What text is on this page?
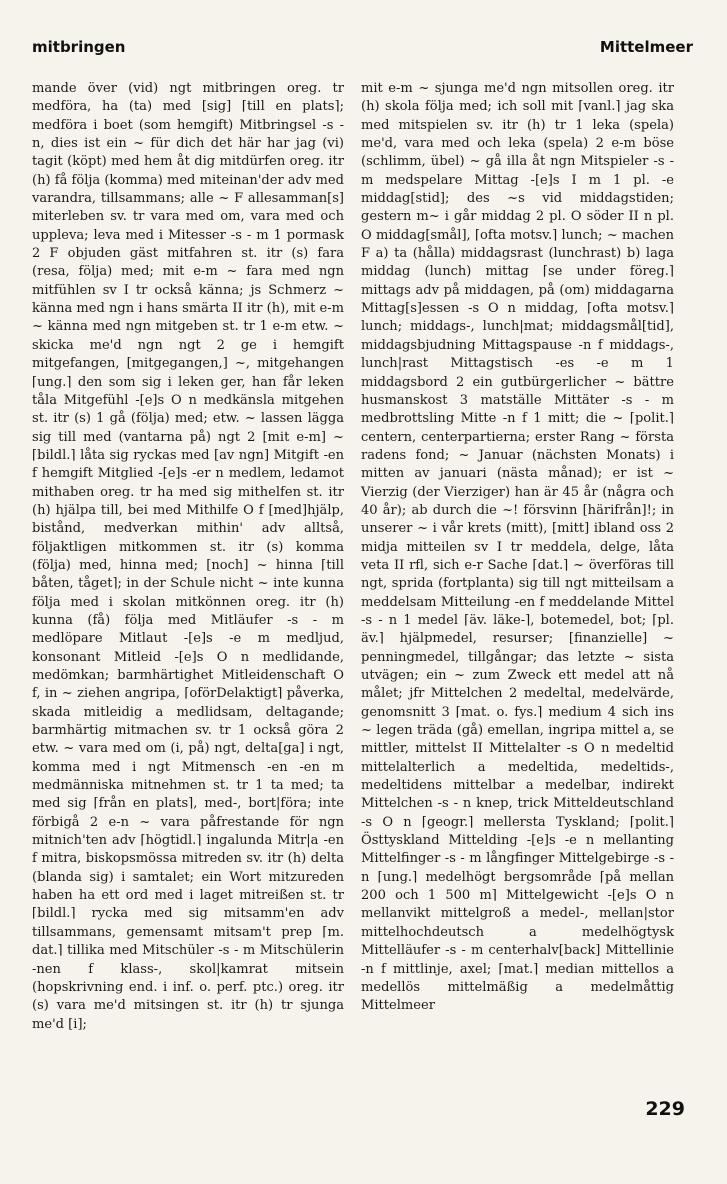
mitbringen	Mittelmeer

mande över (vid) ngt mitbringen oreg. tr medföra, ha (ta) med [sig] ⌈till en plats⌉; medföra i boet (som hemgift) Mitbringsel -s - n, dies ist ein ~ für dich det här har jag (vi) tagit (köpt) med hem åt dig mitdürfen oreg. itr (h) få följa (komma) med miteinan'der adv med varandra, tillsammans; alle ~ F allesamman[s] miterleben sv. tr vara med om, vara med och uppleva; leva med i Mitesser -s - m 1 pormask 2 F objuden gäst mitfahren st. itr (s) fara (resa, följa) med; mit e-m ~ fara med ngn mitfühlen sv I tr också känna; js Schmerz ~ känna med ngn i hans smärta II itr (h), mit e-m ~ känna med ngn mitgeben st. tr 1 e-m etw. ~ skicka me'd ngn ngt 2 ge i hemgift mitgefangen, [mitgegangen,] ~, mitgehangen ⌈ung.⌉ den som sig i leken ger, han får leken tåla Mitgefühl -[e]s O n medkänsla mitgehen st. itr (s) 1 gå (följa) med; etw. ~ lassen lägga sig till med (vantarna på) ngt 2 [mit e-m] ~ ⌈bildl.⌉ låta sig ryckas med [av ngn] Mitgift -en f hemgift Mitglied -[e]s -er n medlem, ledamot mithaben oreg. tr ha med sig mithelfen st. itr (h) hjälpa till, bei med Mithilfe O f [med]hjälp, bistånd, medverkan mithin' adv alltså, följaktligen mitkommen st. itr (s) komma (följa) med, hinna med; [noch] ~ hinna ⌈till båten, tåget⌉; in der Schule nicht ~ inte kunna följa med i skolan mitkönnen oreg. itr (h) kunna (få) följa med Mitläufer -s - m medlöpare Mitlaut -[e]s -e m medljud, konsonant Mitleid -[e]s O n medlidande, medömkan; barmhärtighet Mitleidenschaft O f, in ~ ziehen angripa, ⌈oförDelaktigt⌉ påverka, skada mitleidig a medlidsam, deltagande; barmhärtig mitmachen sv. tr 1 också göra 2 etw. ~ vara med om (i, på) ngt, delta[ga] i ngt, komma med i ngt Mitmensch -en -en m medmänniska mitnehmen st. tr 1 ta med; ta med sig ⌈från en plats⌉, med-, bort|föra; inte förbigå 2 e-n ~ vara påfrestande för ngn mitnich'ten adv ⌈högtidl.⌉ ingalunda Mitr|a -en f mitra, biskopsmössa mitreden sv. itr (h) delta (blanda sig) i samtalet; ein Wort mitzureden haben ha ett ord med i laget mitreißen st. tr ⌈bildl.⌉ rycka med sig mitsamm'en adv tillsammans, gemensamt mitsam't prep ⌈m. dat.⌉ tillika med Mitschüler -s - m Mitschülerin -nen f klass-, skol|kamrat mitsein (hopskrivning end. i inf. o. perf. ptc.) oreg. itr (s) vara me'd mitsingen st. itr (h) tr sjunga me'd [i];

mit e-m ~ sjunga me'd ngn mitsollen oreg. itr (h) skola följa med; ich soll mit ⌈vanl.⌉ jag ska med mitspielen sv. itr (h) tr 1 leka (spela) me'd, vara med och leka (spela) 2 e-m böse (schlimm, übel) ~ gå illa åt ngn Mitspieler -s - m medspelare Mittag -[e]s I m 1 pl. -e middag[stid]; des ~s vid middagstiden; gestern m~ i går middag 2 pl. O söder II n pl. O middag[smål], ⌈ofta motsv.⌉ lunch; ~ machen F a) ta (hålla) middagsrast (lunchrast) b) laga middag (lunch) mittag ⌈se under föreg.⌉ mittags adv på middagen, på (om) middagarna Mittag[s]essen -s O n middag, ⌈ofta motsv.⌉ lunch; middags-, lunch|mat; middagsmål[tid], middagsbjudning Mittagspause -n f middags-, lunch|rast Mittagstisch -es -e m 1 middagsbord 2 ein gutbürgerlicher ~ bättre husmanskost 3 matställe Mittäter -s - m medbrottsling Mitte -n f 1 mitt; die ~ ⌈polit.⌉ centern, centerpartierna; erster Rang ~ första radens fond; ~ Januar (nächsten Monats) i mitten av januari (nästa månad); er ist ~ Vierzig (der Vierziger) han är 45 år (några och 40 år); ab durch die ~! försvinn [härifrån]!; in unserer ~ i vår krets (mitt), [mitt] ibland oss 2 midja mitteilen sv I tr meddela, delge, låta veta II rfl, sich e-r Sache ⌈dat.⌉ ~ överföras till ngt, sprida (fortplanta) sig till ngt mitteilsam a meddelsam Mitteilung -en f meddelande Mittel -s - n 1 medel ⌈äv. läke-⌉, botemedel, bot; ⌈pl. äv.⌉ hjälpmedel, resurser; [finanzielle] ~ penningmedel, tillgångar; das letzte ~ sista utvägen; ein ~ zum Zweck ett medel att nå målet; jfr Mittelchen 2 medeltal, medelvärde, genomsnitt 3 ⌈mat. o. fys.⌉ medium 4 sich ins ~ legen träda (gå) emellan, ingripa mittel a, se mittler, mittelst II Mittelalter -s O n medeltid mittelalterlich a medeltida, medeltids-, medeltidens mittelbar a medelbar, indirekt Mittelchen -s - n knep, trick Mitteldeutschland -s O n ⌈geogr.⌉ mellersta Tyskland; ⌈polit.⌉ Östtyskland Mittelding -[e]s -e n mellanting Mittelfinger -s - m långfinger Mittelgebirge -s - n ⌈ung.⌉ medelhögt bergsområde ⌈på mellan 200 och 1 500 m⌉ Mittelgewicht -[e]s O n mellanvikt mittelgroß a medel-, mellan|stor mittelhochdeutsch a medelhögtysk Mittelläufer -s - m centerhalv[back] Mittellinie -n f mittlinje, axel; ⌈mat.⌉ median mittellos a medellös mittelmäßig a medelmåttig Mittelmeer

229
